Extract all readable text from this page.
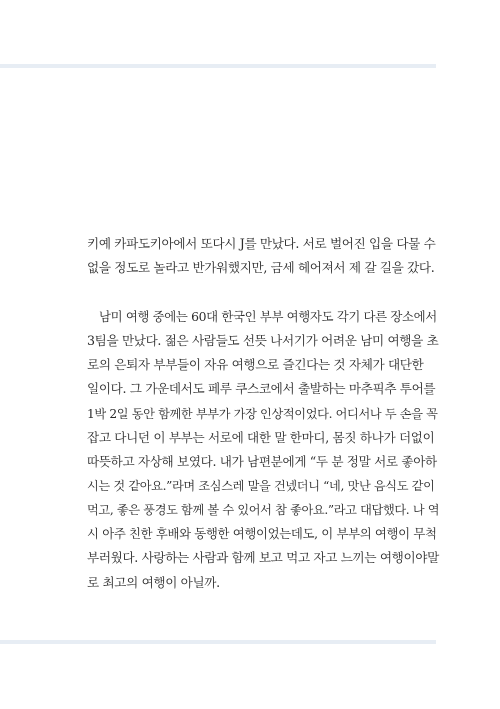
키예 카파도키아에서 또다시 J를 만났다. 서로 벌어진 입을 다물 수
없을 정도로 놀라고 반가워했지만, 금세 헤어져서 제 갈 길을 갔다.
남미 여행 중에는 60대 한국인 부부 여행자도 각기 다른 장소에서
3팀을 만났다. 젊은 사람들도 선뜻 나서기가 어려운 남미 여행을 초
로의 은퇴자 부부들이 자유 여행으로 즐긴다는 것 자체가 대단한
일이다. 그 가운데서도 페루 쿠스코에서 출발하는 마추픽추 투어를
1박 2일 동안 함께한 부부가 가장 인상적이었다. 어디서나 두 손을 꼭
잡고 다니던 이 부부는 서로에 대한 말 한마디, 몸짓 하나가 더없이
따뜻하고 자상해 보였다. 내가 남편분에게 “두 분 정말 서로 좋아하
시는 것 같아요.”라며 조심스레 말을 건넸더니 “네, 맛난 음식도 같이
먹고, 좋은 풍경도 함께 볼 수 있어서 참 좋아요.”라고 대답했다. 나 역
시 아주 친한 후배와 동행한 여행이었는데도, 이 부부의 여행이 무척
부러웠다. 사랑하는 사람과 함께 보고 먹고 자고 느끼는 여행이야말
로 최고의 여행이 아닐까.
